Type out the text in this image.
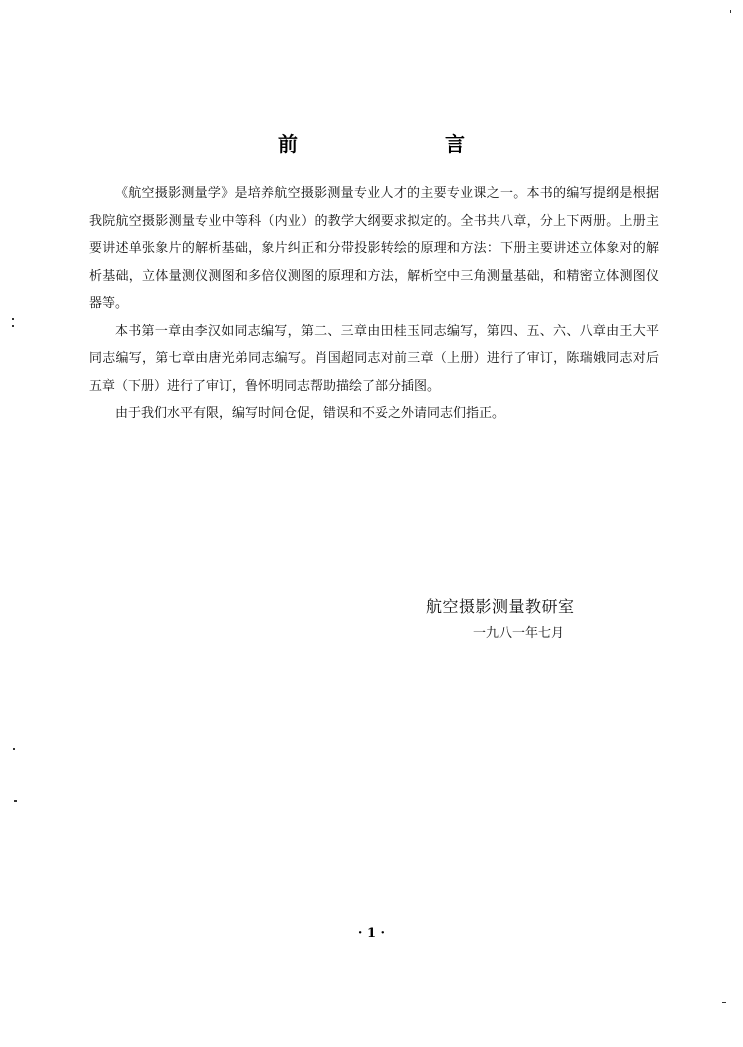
前 言

《航空摄影测量学》是培养航空摄影测量专业人才的主要专业课之一。本书的编写提纲是根据我院航空摄影测量专业中等科（内业）的教学大纲要求拟定的。全书共八章，分上下两册。上册主要讲述单张象片的解析基础，象片纠正和分带投影转绘的原理和方法：下册主要讲述立体象对的解析基础，立体量测仪测图和多倍仪测图的原理和方法，解析空中三角测量基础，和精密立体测图仪器等。

本书第一章由李汉如同志编写，第二、三章由田桂玉同志编写，第四、五、六、八章由王大平同志编写，第七章由唐光弟同志编写。肖国超同志对前三章（上册）进行了审订，陈瑞娥同志对后五章（下册）进行了审订，鲁怀明同志帮助描绘了部分插图。

由于我们水平有限，编写时间仓促，错误和不妥之外请同志们指正。

航空摄影测量教研室
一九八一年七月
· 1 ·
